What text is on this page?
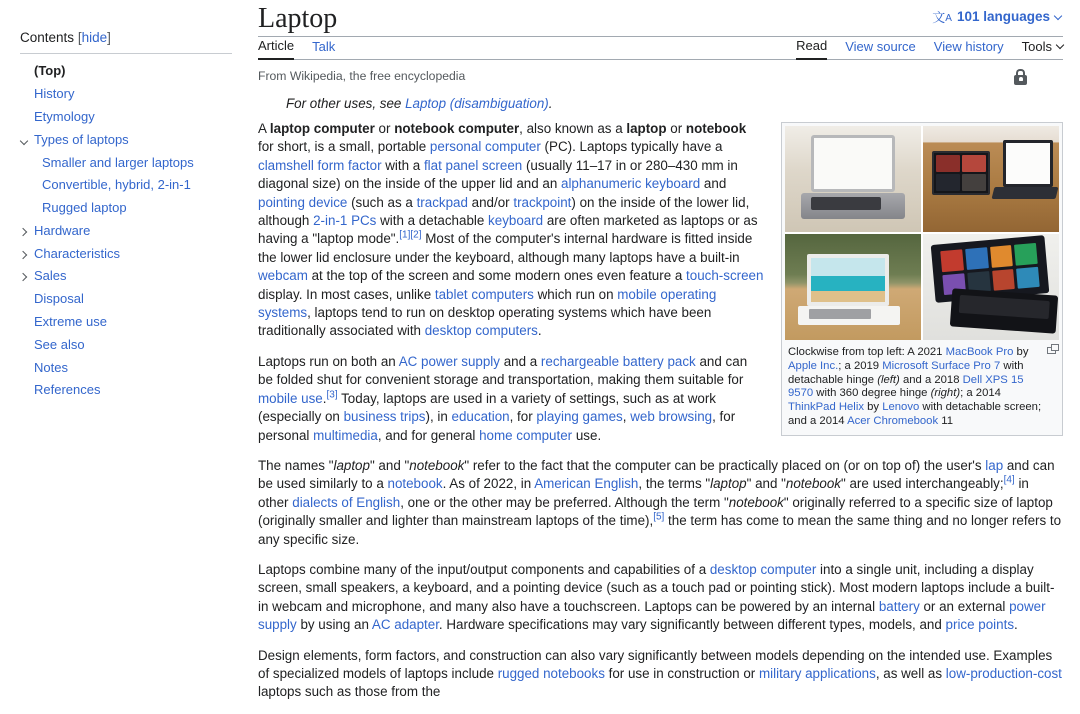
Contents [hide]
(Top)
History
Etymology
Types of laptops
Smaller and larger laptops
Convertible, hybrid, 2-in-1
Rugged laptop
Hardware
Characteristics
Sales
Disposal
Extreme use
See also
Notes
References
Laptop	文A 101 languages
Article Talk	Read View source View history Tools
From Wikipedia, the free encyclopedia
For other uses, see Laptop (disambiguation).
Clockwise from top left: A 2021 MacBook Pro by Apple Inc.; a 2019 Microsoft Surface Pro 7 with detachable hinge (left) and a 2018 Dell XPS 15 9570 with 360 degree hinge (right); a 2014 ThinkPad Helix by Lenovo with detachable screen; and a 2014 Acer Chromebook 11

A laptop computer or notebook computer, also known as a laptop or notebook for short, is a small, portable personal computer (PC). Laptops typically have a clamshell form factor with a flat panel screen (usually 11–17 in or 280–430 mm in diagonal size) on the inside of the upper lid and an alphanumeric keyboard and pointing device (such as a trackpad and/or trackpoint) on the inside of the lower lid, although 2-in-1 PCs with a detachable keyboard are often marketed as laptops or as having a "laptop mode".[1][2] Most of the computer's internal hardware is fitted inside the lower lid enclosure under the keyboard, although many laptops have a built-in webcam at the top of the screen and some modern ones even feature a touch-screen display. In most cases, unlike tablet computers which run on mobile operating systems, laptops tend to run on desktop operating systems which have been traditionally associated with desktop computers.

Laptops run on both an AC power supply and a rechargeable battery pack and can be folded shut for convenient storage and transportation, making them suitable for mobile use.[3] Today, laptops are used in a variety of settings, such as at work (especially on business trips), in education, for playing games, web browsing, for personal multimedia, and for general home computer use.

The names "laptop" and "notebook" refer to the fact that the computer can be practically placed on (or on top of) the user's lap and can be used similarly to a notebook. As of 2022, in American English, the terms "laptop" and "notebook" are used interchangeably;[4] in other dialects of English, one or the other may be preferred. Although the term "notebook" originally referred to a specific size of laptop (originally smaller and lighter than mainstream laptops of the time),[5] the term has come to mean the same thing and no longer refers to any specific size.

Laptops combine many of the input/output components and capabilities of a desktop computer into a single unit, including a display screen, small speakers, a keyboard, and a pointing device (such as a touch pad or pointing stick). Most modern laptops include a built-in webcam and microphone, and many also have a touchscreen. Laptops can be powered by an internal battery or an external power supply by using an AC adapter. Hardware specifications may vary significantly between different types, models, and price points.

Design elements, form factors, and construction can also vary significantly between models depending on the intended use. Examples of specialized models of laptops include rugged notebooks for use in construction or military applications, as well as low-production-cost laptops such as those from the
